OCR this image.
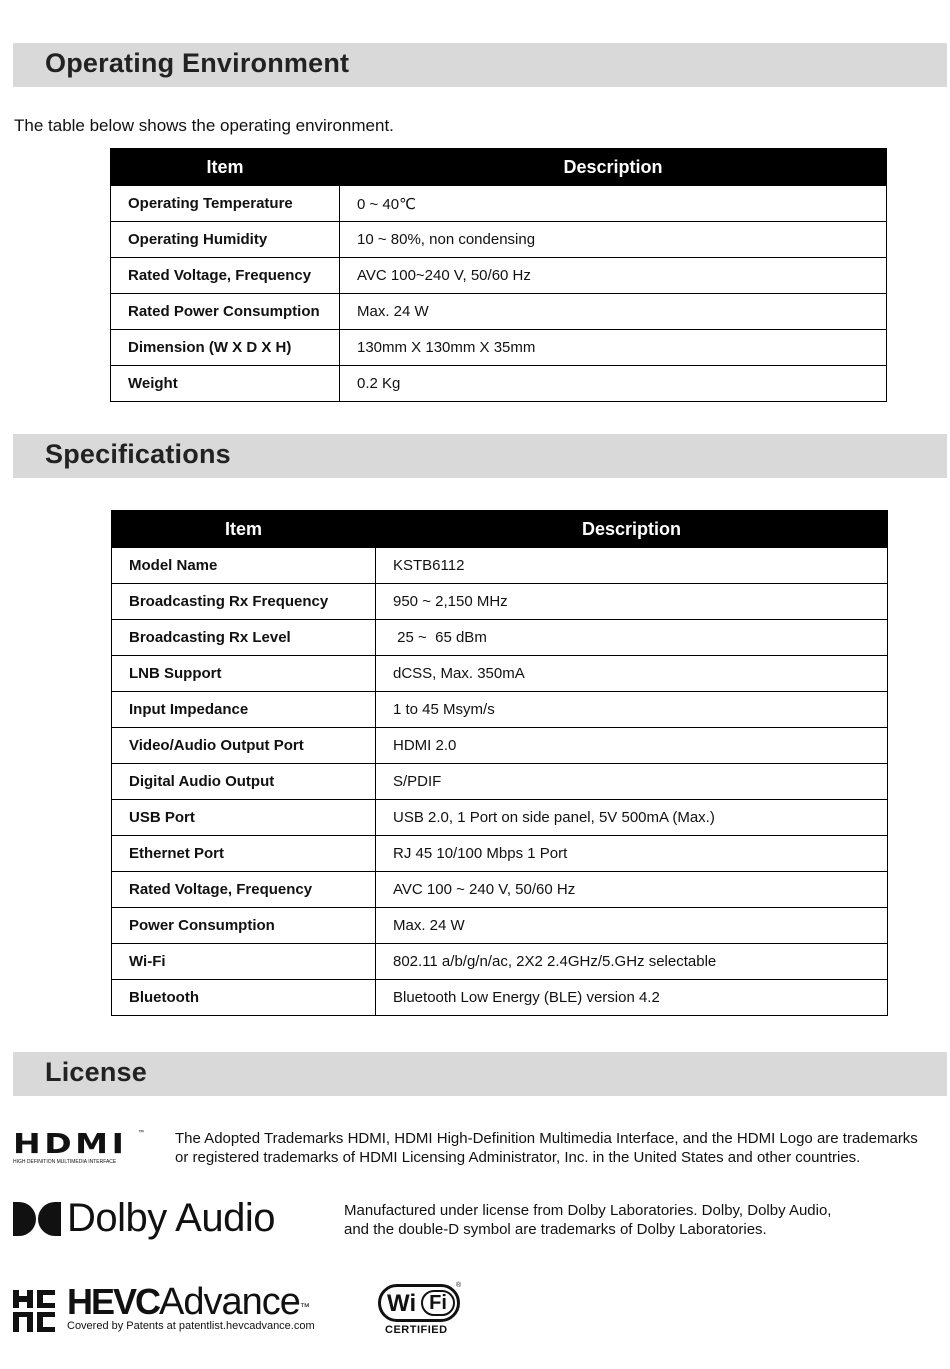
Operating Environment

The table below shows the operating environment.

Item	Description
Operating Temperature	0 ~ 40℃
Operating Humidity	10 ~ 80%, non condensing
Rated Voltage, Frequency	AVC 100~240 V, 50/60 Hz
Rated Power Consumption	Max. 24 W
Dimension (W X D X H)	130mm X 130mm X 35mm
Weight	0.2 Kg
Specifications
Item	Description
Model Name	KSTB6112
Broadcasting Rx Frequency	950 ~ 2,150 MHz
Broadcasting Rx Level	25 ~  65 dBm
LNB Support	dCSS, Max. 350mA
Input Impedance	1 to 45 Msym/s
Video/Audio Output Port	HDMI 2.0
Digital Audio Output	S/PDIF
USB Port	USB 2.0, 1 Port on side panel, 5V 500mA (Max.)
Ethernet Port	RJ 45 10/100 Mbps 1 Port
Rated Voltage, Frequency	AVC 100 ~ 240 V, 50/60 Hz
Power Consumption	Max. 24 W
Wi-Fi	802.11 a/b/g/n/ac, 2X2 2.4GHz/5.GHz selectable
Bluetooth	Bluetooth Low Energy (BLE) version 4.2
License
HDMI	™
HIGH DEFINITION MULTIMEDIA INTERFACE

The Adopted Trademarks HDMI, HDMI High-Definition Multimedia Interface, and the HDMI Logo are trademarks
or registered trademarks of HDMI Licensing Administrator, Inc. in the United States and other countries.

Dolby Audio	Manufactured under license from Dolby Laboratories. Dolby, Dolby Audio,
and the double-D symbol are trademarks of Dolby Laboratories.

HEVCAdvance™
Covered by Patents at patentlist.hevcadvance.com
Wi Fi
®
CERTIFIED
